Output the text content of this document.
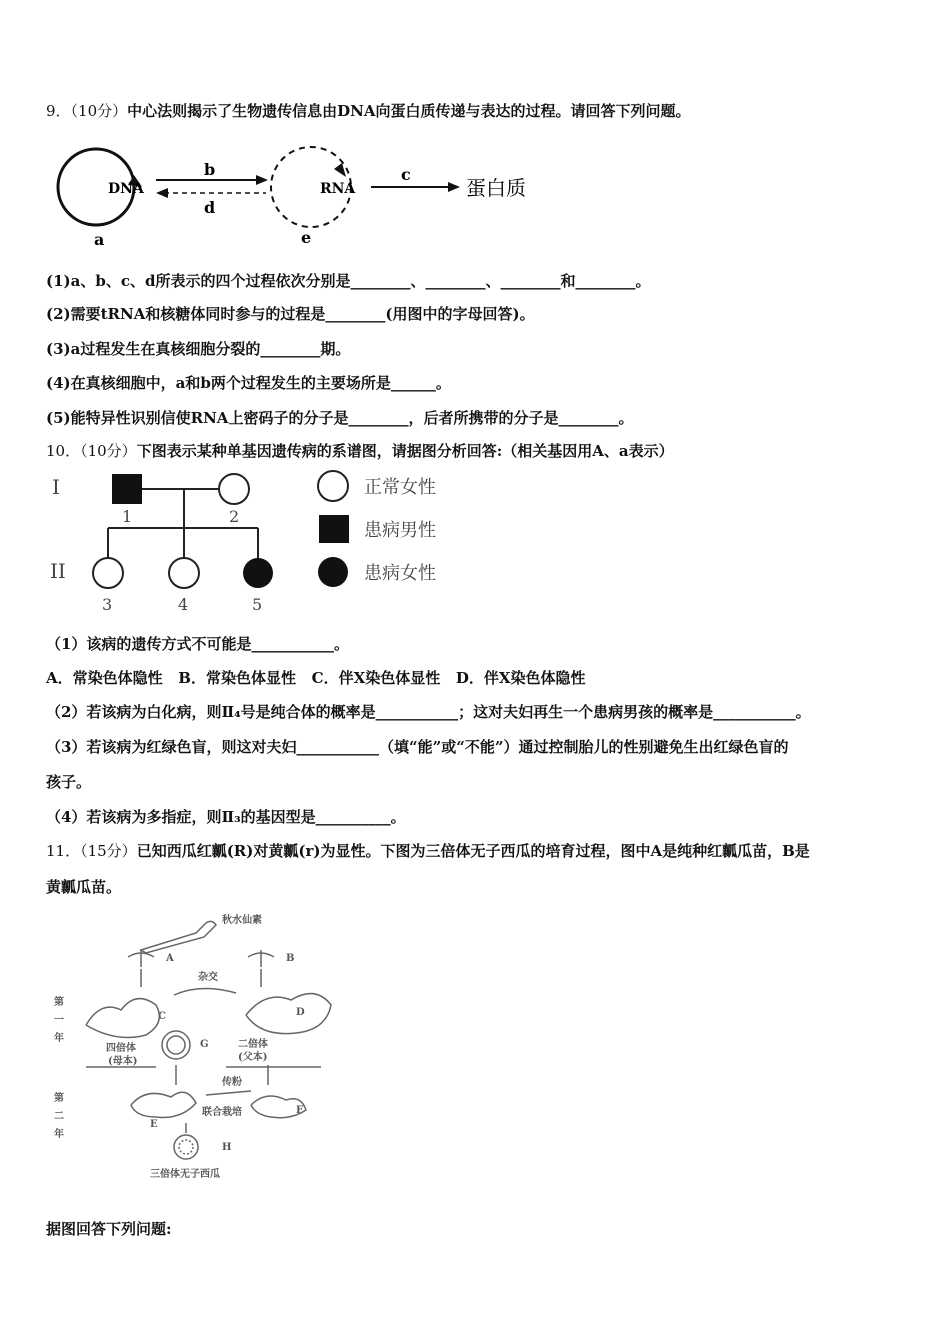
9．（10分）中心法则揭示了生物遗传信息由DNA向蛋白质传递与表达的过程。请回答下列问题。
DNA
a
b
d
RNA
e
c
蛋白质
(1)a、b、c、d所表示的四个过程依次分别是________、________、________和________。
(2)需要tRNA和核糖体同时参与的过程是________(用图中的字母回答)。
(3)a过程发生在真核细胞分裂的________期。
(4)在真核细胞中，a和b两个过程发生的主要场所是______。
(5)能特异性识别信使RNA上密码子的分子是________，后者所携带的分子是________。
10．（10分）下图表示某种单基因遗传病的系谱图，请据图分析回答:（相关基因用A、a表示）
I
II
1	2
3	4	5
正常女性
患病男性
患病女性
（1）该病的遗传方式不可能是___________。
A．常染色体隐性   B．常染色体显性   C．伴X染色体显性   D．伴X染色体隐性
（2）若该病为白化病，则Ⅱ₄号是纯合体的概率是___________；这对夫妇再生一个患病男孩的概率是___________。
（3）若该病为红绿色盲，则这对夫妇___________（填“能”或“不能”）通过控制胎儿的性别避免生出红绿色盲的
孩子。
（4）若该病为多指症，则Ⅱ₃的基因型是__________。
11．（15分）已知西瓜红瓤(R)对黄瓤(r)为显性。下图为三倍体无子西瓜的培育过程，图中A是纯种红瓤瓜苗，B是
黄瓤瓜苗。
秋水仙素
A	B
杂交
第
一
年
C	D
四倍体
(母本)
G	二倍体
(父本)
第
二
年
传粉
E
联合栽培	F
H
三倍体无子西瓜
据图回答下列问题:
